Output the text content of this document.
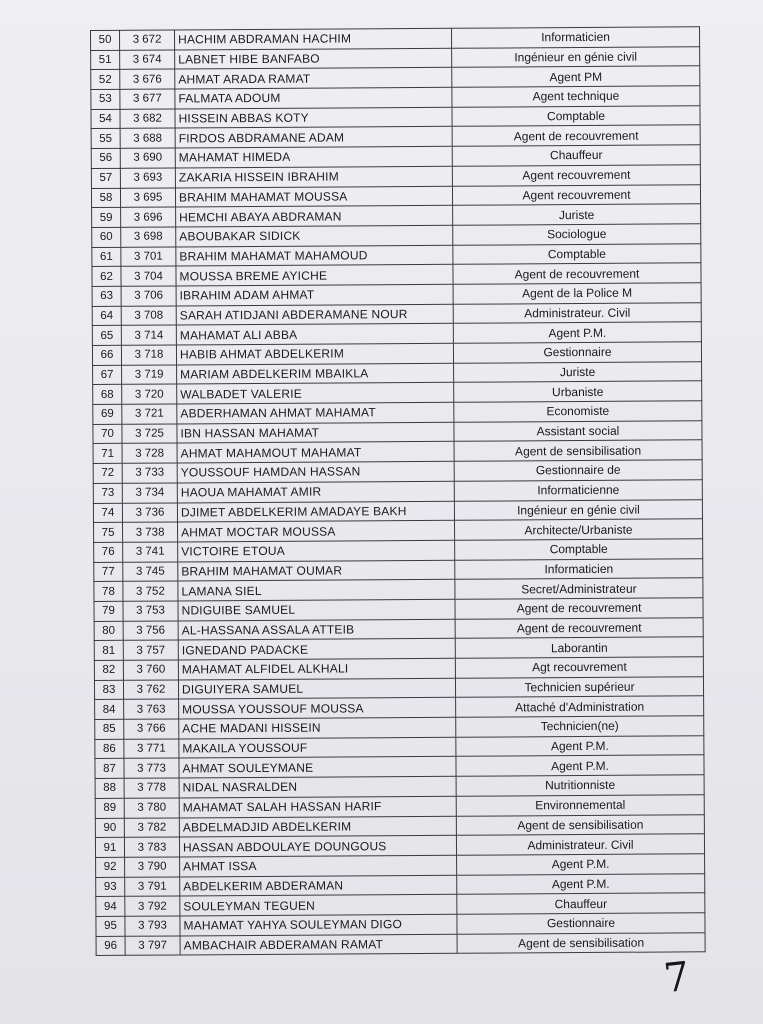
50	3 672	HACHIM ABDRAMAN HACHIM	Informaticien
51	3 674	LABNET HIBE BANFABO	Ingénieur en génie civil
52	3 676	AHMAT ARADA RAMAT	Agent PM
53	3 677	FALMATA ADOUM	Agent technique
54	3 682	HISSEIN ABBAS KOTY	Comptable
55	3 688	FIRDOS ABDRAMANE ADAM	Agent de recouvrement
56	3 690	MAHAMAT HIMEDA	Chauffeur
57	3 693	ZAKARIA HISSEIN IBRAHIM	Agent recouvrement
58	3 695	BRAHIM MAHAMAT MOUSSA	Agent recouvrement
59	3 696	HEMCHI ABAYA ABDRAMAN	Juriste
60	3 698	ABOUBAKAR SIDICK	Sociologue
61	3 701	BRAHIM MAHAMAT MAHAMOUD	Comptable
62	3 704	MOUSSA BREME AYICHE	Agent de recouvrement
63	3 706	IBRAHIM ADAM AHMAT	Agent de la Police M
64	3 708	SARAH ATIDJANI ABDERAMANE NOUR	Administrateur. Civil
65	3 714	MAHAMAT ALI ABBA	Agent P.M.
66	3 718	HABIB AHMAT ABDELKERIM	Gestionnaire
67	3 719	MARIAM ABDELKERIM MBAIKLA	Juriste
68	3 720	WALBADET VALERIE	Urbaniste
69	3 721	ABDERHAMAN AHMAT MAHAMAT	Economiste
70	3 725	IBN HASSAN MAHAMAT	Assistant social
71	3 728	AHMAT MAHAMOUT MAHAMAT	Agent de sensibilisation
72	3 733	YOUSSOUF HAMDAN HASSAN	Gestionnaire de
73	3 734	HAOUA MAHAMAT AMIR	Informaticienne
74	3 736	DJIMET ABDELKERIM AMADAYE BAKH	Ingénieur en génie civil
75	3 738	AHMAT MOCTAR MOUSSA	Architecte/Urbaniste
76	3 741	VICTOIRE ETOUA	Comptable
77	3 745	BRAHIM MAHAMAT OUMAR	Informaticien
78	3 752	LAMANA SIEL	Secret/Administrateur
79	3 753	NDIGUIBE SAMUEL	Agent de recouvrement
80	3 756	AL-HASSANA ASSALA ATTEIB	Agent de recouvrement
81	3 757	IGNEDAND PADACKE	Laborantin
82	3 760	MAHAMAT ALFIDEL ALKHALI	Agt recouvrement
83	3 762	DIGUIYERA SAMUEL	Technicien supérieur
84	3 763	MOUSSA YOUSSOUF MOUSSA	Attaché d'Administration
85	3 766	ACHE MADANI HISSEIN	Technicien(ne)
86	3 771	MAKAILA YOUSSOUF	Agent P.M.
87	3 773	AHMAT SOULEYMANE	Agent P.M.
88	3 778	NIDAL NASRALDEN	Nutritionniste
89	3 780	MAHAMAT SALAH HASSAN HARIF	Environnemental
90	3 782	ABDELMADJID ABDELKERIM	Agent de sensibilisation
91	3 783	HASSAN ABDOULAYE DOUNGOUS	Administrateur. Civil
92	3 790	AHMAT ISSA	Agent P.M.
93	3 791	ABDELKERIM ABDERAMAN	Agent P.M.
94	3 792	SOULEYMAN TEGUEN	Chauffeur
95	3 793	MAHAMAT YAHYA SOULEYMAN DIGO	Gestionnaire
96	3 797	AMBACHAIR ABDERAMAN RAMAT	Agent de sensibilisation
7
